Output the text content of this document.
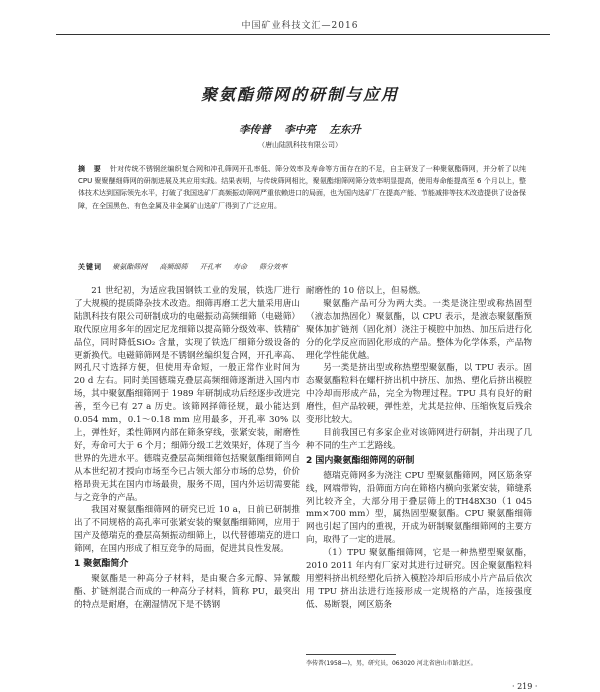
中国矿业科技文汇—2016
聚氨酯筛网的研制与应用
李传普 李中亮 左东升
（唐山陆凯科技有限公司）
摘 要 针对传统不锈钢丝编织复合网和冲孔筛网开孔率低、筛分效率及寿命等方面存在的不足，自主研发了一种聚氨酯筛网，并分析了以纯 CPU 聚聚醚细筛网的研制进展及其应用实践。结果表明，与传统筛网相比，聚氨酯细筛网筛分效率明显提高，使用寿命能提高至 6 个月以上，整体技术达到国际领先水平，打破了我国选矿厂高频振动筛网严重依赖进口的局面，也为国内选矿厂在提高产能、节能减排等技术改造提供了设备保障，在全国黑色、有色金属及非金属矿山选矿厂得到了广泛应用。
关键词 聚氨酯筛网 高频细筛 开孔率 寿命 筛分效率

21 世纪初，为适应我国钢铁工业的发展，铁选厂进行了大规模的提质降杂技术改造。细筛再磨工艺大量采用唐山陆凯科技有限公司研制成功的电磁振动高频细筛（电磁筛）取代原应用多年的固定尼龙细筛以提高筛分级效率、铁精矿品位，同时降低SiO₂ 含量，实现了铁选厂细筛分级设备的更新换代。电磁筛筛网是不锈钢丝编织复合网，开孔率高、网孔尺寸选择方便，但使用寿命短，一般正常作业时间为 20 d 左右。同时美国德瑞克叠层高频细筛逐渐进入国内市场，其中聚氨酯细筛网于 1989 年研制成功后经逐步改进完善，至今已有 27 a 历史。该筛网择筛径规，最小能达到 0.054 mm，0.1～0.18 mm 应用最多，开孔率 30% 以上，弹性好，柔性筛网内部在筛条穿线，张紧安装，耐磨性好，寿命可大于 6 个月；细筛分级工艺效果好，体现了当今世界的先进水平。德瑞克叠层高频细筛包括聚氨酯细筛网自从本世纪初才授向市场至今已占领大部分市场的总势，价价格昂贵无其在国内市场最贵，服务不周，国内外运切需要能与之竞争的产品。

我国对聚氨酯细筛网的研究已近 10 a，日前已研制推出了不同规格的高孔率可张紧安装的聚氨酯细筛网，应用于国产及德瑞克的叠层高频振动细筛上，以代替德瑞克的进口筛网，在国内形成了相互竞争的局面，促进其良性发展。

1 聚氨酯简介

聚氨酯是一种高分子材料，是由聚合多元醇、异氰酸酯、扩链剂混合而成的一种高分子材料，简称 PU，最突出的特点是耐磨，在潮湿情况下是不锈钢

耐磨性的 10 倍以上，但易燃。

聚氨酯产品可分为两大类。一类是浇注型或称热固型（液态加热固化）聚氨酯，以 CPU 表示，是液态聚氨酯预聚体加扩链剂（固化剂）浇注于模腔中加热、加压后进行化分的化学反应而固化形成的产品。整体为化学体系，产品物理化学性能优越。

另一类是挤出型或称热塑型聚氨酯，以 TPU 表示。固态聚氨酯粒料在螺杆挤出机中挤压、加热、塑化后挤出模腔中冷却而形成产品，完全为物理过程。TPU 具有良好的耐磨性，但产品较硬，弹性差，尤其是拉伸、压缩恢复后残余变形比较大。

目前我国已有多家企业对该筛网进行研制，并出现了几种不同的生产工艺路线。

2 国内聚氨酯细筛网的研制

德瑞克筛网多为浇注 CPU 型聚氨酯筛网，网区筋条穿线，网端带钩，沿筛面方向在筛格内横向张紧安装，筛缝系列比较齐全，大部分用于叠层筛上的TH48X30（1 045 mm×700 mm）型，属热固型聚氨酯。CPU 聚氨酯细筛网也引起了国内的重视，开成为研制聚氨酯细筛网的主要方向，取得了一定的进展。

（1）TPU 聚氨酯细筛网，它是一种热塑型聚氨酯，2010 2011 年内有厂家对其进行过研究。因企聚氨酯粒料用塑料挤出机经塑化后挤入模腔冷却后形成小片产品后依次用 TPU 挤出法进行连接形成一定规格的产品，连接强度低、易断裂，网区筋条

李传普(1958—)，男，研究员，063020 河北省唐山市路北区。
· 219 ·
